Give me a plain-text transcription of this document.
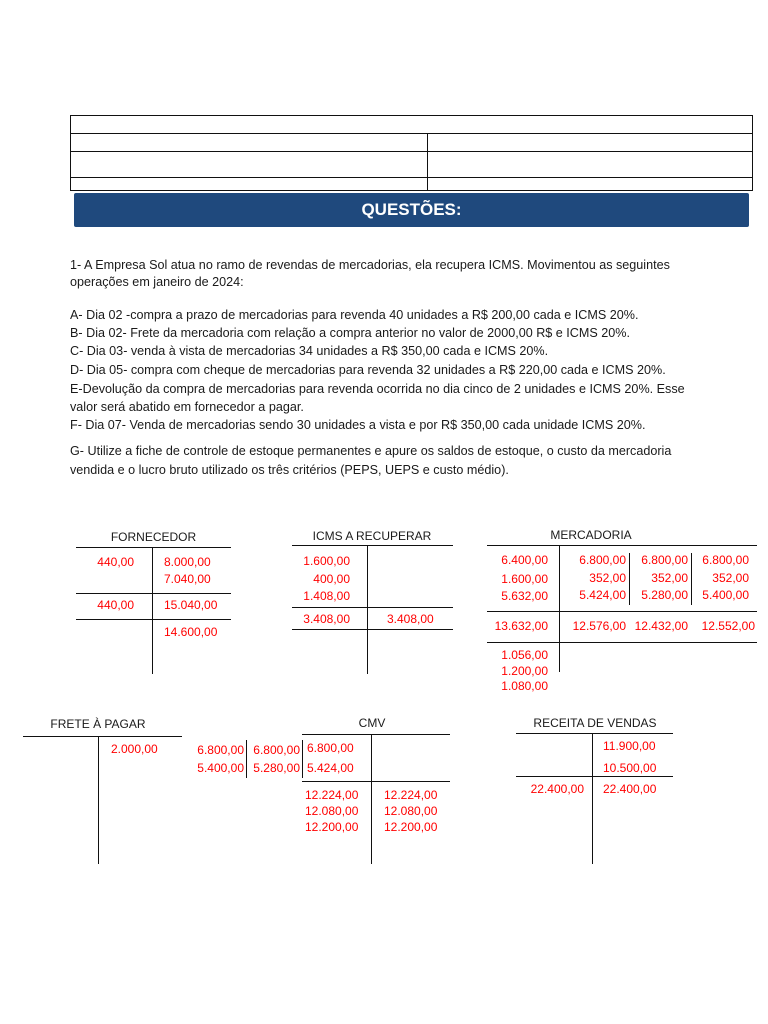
QUESTÕES:
1- A Empresa Sol atua no ramo de revendas de mercadorias, ela recupera ICMS. Movimentou as seguintes
operações em janeiro de 2024:
A- Dia 02 -compra a prazo de mercadorias para revenda 40 unidades a R$ 200,00 cada e ICMS 20%.
B- Dia 02- Frete da mercadoria com relação a compra anterior no valor de 2000,00 R$ e ICMS 20%.
C- Dia 03- venda à vista de mercadorias 34 unidades a R$ 350,00 cada e ICMS 20%.
D- Dia 05- compra com cheque de mercadorias para revenda 32 unidades a R$ 220,00 cada e ICMS 20%.
E-Devolução da compra de mercadorias para revenda ocorrida no dia cinco de 2 unidades e ICMS 20%. Esse
valor será abatido em fornecedor a pagar.
F- Dia 07- Venda de mercadorias sendo 30 unidades a vista e por R$ 350,00 cada unidade ICMS 20%.
G- Utilize a fiche de controle de estoque permanentes e apure os saldos de estoque, o custo da mercadoria
vendida e o lucro bruto utilizado os três critérios (PEPS, UEPS e custo médio).
FORNECEDOR
440,00
440,00
8.000,00
7.040,00
15.040,00
14.600,00
ICMS A RECUPERAR
1.600,00
400,00
1.408,00
3.408,00	3.408,00
MERCADORIA
6.400,00
1.600,00
5.632,00
13.632,00
1.056,00
1.200,00
1.080,00
6.800,00
352,00
5.424,00
12.576,00
6.800,00
352,00
5.280,00
12.432,00
6.800,00
352,00
5.400,00
12.552,00
FRETE À PAGAR
2.000,00
CMV
6.800,00
5.400,00
6.800,00
5.280,00
6.800,00
5.424,00
12.224,00
12.080,00
12.200,00
12.224,00
12.080,00
12.200,00
RECEITA DE VENDAS
11.900,00
10.500,00
22.400,00
22.400,00
